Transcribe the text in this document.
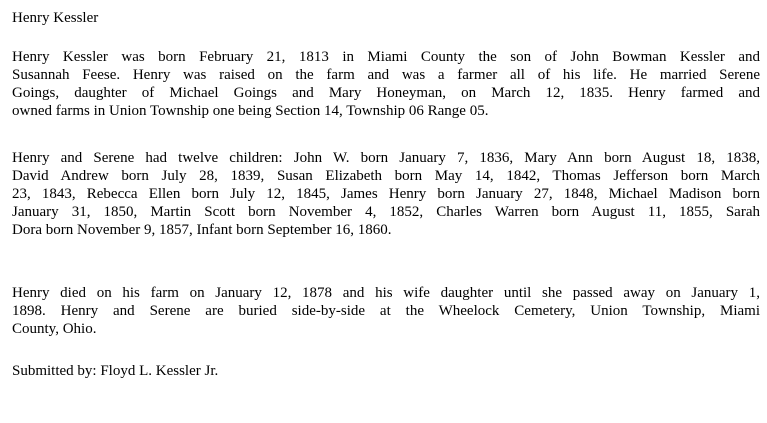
Henry Kessler
Henry Kessler was born February 21, 1813 in Miami County the son of John Bowman Kessler and
Susannah Feese. Henry was raised on the farm and was a farmer all of his life. He married Serene
Goings, daughter of Michael Goings and Mary Honeyman, on March 12, 1835. Henry farmed and
owned farms in Union Township one being Section 14, Township 06 Range 05.
Henry and Serene had twelve children: John W. born January 7, 1836, Mary Ann born August 18, 1838,
David Andrew born July 28, 1839, Susan Elizabeth born May 14, 1842, Thomas Jefferson born March
23, 1843, Rebecca Ellen born July 12, 1845, James Henry born January 27, 1848, Michael Madison born
January 31, 1850, Martin Scott born November 4, 1852, Charles Warren born August 11, 1855, Sarah
Dora born November 9, 1857, Infant born September 16, 1860.
Henry died on his farm on January 12, 1878 and his wife daughter until she passed away on January 1,
1898. Henry and Serene are buried side-by-side at the Wheelock Cemetery, Union Township, Miami
County, Ohio.
Submitted by: Floyd L. Kessler Jr.
